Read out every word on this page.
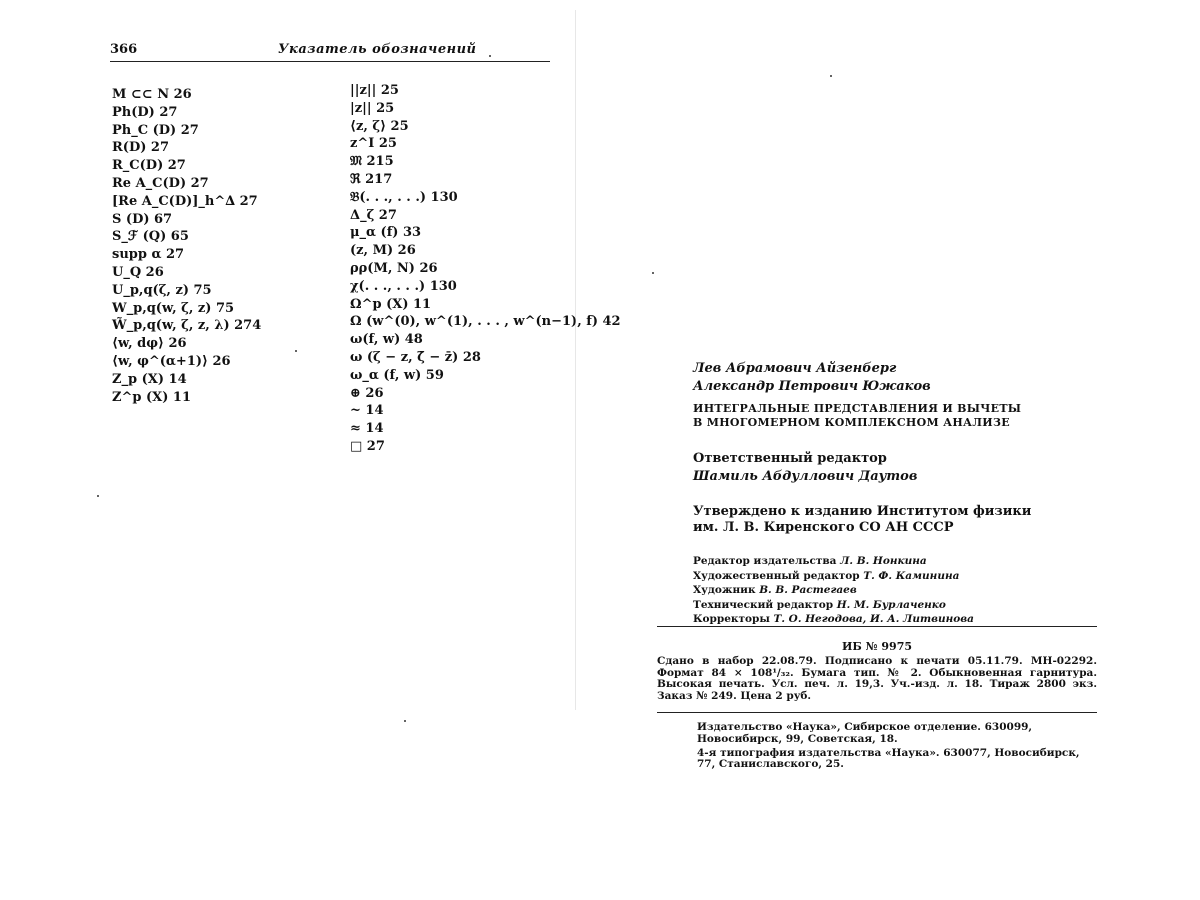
366	Указатель обозначений
M ⊂⊂ N 26
Ph(D) 27
Ph_C (D) 27
R(D) 27
R_C(D) 27
Re A_C(D) 27
[Re A_C(D)]_h^∆ 27
S (D) 67
S_ℱ (Q) 65
supp α 27
U_Q 26
U_p,q(ζ, z) 75
W_p,q(w, ζ, z) 75
W̃_p,q(w, ζ, z, λ) 274
⟨w, dφ⟩ 26
⟨w, φ^(α+1)⟩ 26
Z_p (X) 14
Z^p (X) 11
||z|| 25
|z|| 25
⟨z, ζ⟩ 25
z^I 25
𝔐 215
ℜ 217
𝔅(. . ., . . .) 130
Δ_ζ 27
μ_α (f) 33
(z, M) 26
ρρ(M, N) 26
χ(. . ., . . .) 130
Ω^p (X) 11
Ω (w^(0), w^(1), . . . , w^(n−1), f) 42
ω(f, w) 48
ω (ζ − z, ζ̄ − z̄) 28
ω_α (f, w) 59
⊕ 26
~ 14
≈ 14
□ 27
Лев Абрамович Айзенберг
Александр Петрович Южаков
ИНТЕГРАЛЬНЫЕ ПРЕДСТАВЛЕНИЯ И ВЫЧЕТЫ
В МНОГОМЕРНОМ КОМПЛЕКСНОМ АНАЛИЗЕ
Ответственный редактор
Шамиль Абдуллович Даутов
Утверждено к изданию Институтом физики
им. Л. В. Киренского СО АН СССР
Редактор издательства Л. В. Нонкина
Художественный редактор Т. Ф. Каминина
Художник В. В. Растегаев
Технический редактор Н. М. Бурлаченко
Корректоры Т. О. Негодова, И. А. Литвинова
ИБ № 9975
Сдано в набор 22.08.79. Подписано к печати 05.11.79. МН-02292. Формат 84 × 108¹/₃₂. Бумага тип. № 2. Обыкновенная гарнитура. Высокая печать. Усл. печ. л. 19,3. Уч.-изд. л. 18. Тираж 2800 экз. Заказ № 249. Цена 2 руб.

Издательство «Наука», Сибирское отделение. 630099, Новосибирск, 99, Советская, 18.

4-я типография издательства «Наука». 630077, Новосибирск, 77, Станиславского, 25.
